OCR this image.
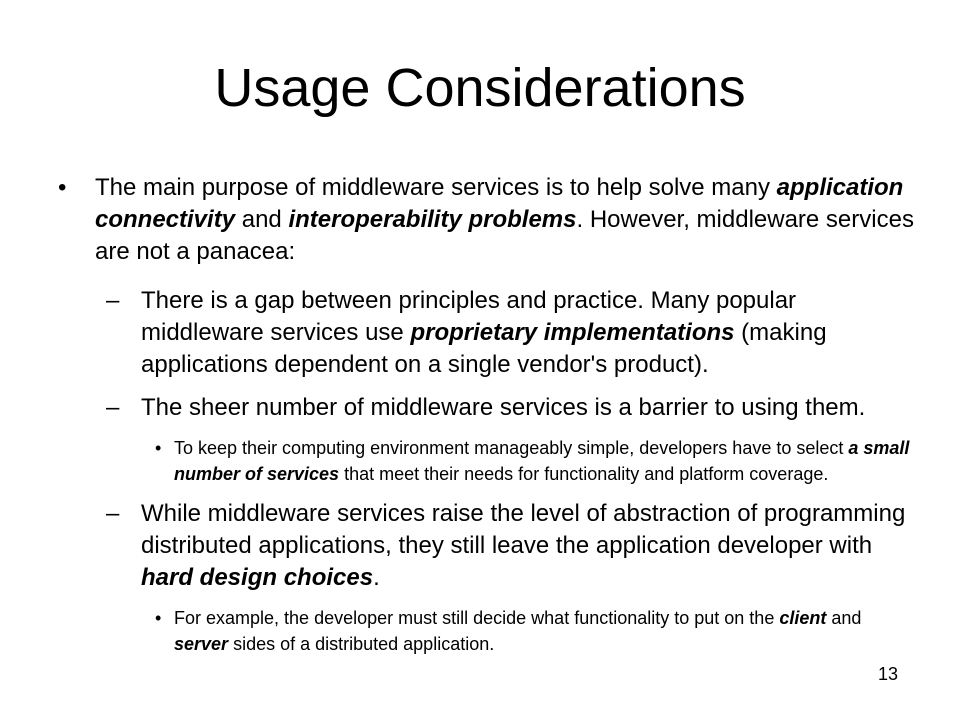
Usage Considerations
• The main purpose of middleware services is to help solve many application connectivity and interoperability problems. However, middleware services are not a panacea:
– There is a gap between principles and practice. Many popular middleware services use proprietary implementations (making applications dependent on a single vendor's product).
– The sheer number of middleware services is a barrier to using them.
• To keep their computing environment manageably simple, developers have to select a small number of services that meet their needs for functionality and platform coverage.
– While middleware services raise the level of abstraction of programming distributed applications, they still leave the application developer with hard design choices.
• For example, the developer must still decide what functionality to put on the client and server sides of a distributed application.
13
